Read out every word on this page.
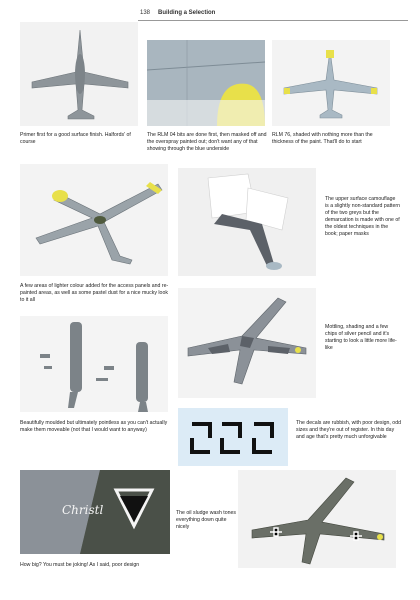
138 Building a Selection
Primer first for a good surface finish. Halfords' of course
The RLM 04 bits are done first, then masked off and the overspray painted out; don't want any of that showing through the blue underside
RLM 76, shaded with nothing more than the thickness of the paint. That'll do to start
The upper surface camouflage is a slightly non-standard pattern of the two greys but the demarcation is made with one of the oldest techniques in the book; paper masks
A few areas of lighter colour added for the access panels and re-painted areas, as well as some pastel dust for a nice mucky look to it all
Mottling, shading and a few chips of silver pencil and it's starting to look a little more life-like
Beautifully moulded but ultimately pointless as you can't actually make them moveable (not that I would want to anyway)
The decals are rubbish, with poor design, odd sizes and they're out of register. In this day and age that's pretty much unforgivable
Christl	The oil sludge wash tones everything down quite nicely
How big? You must be joking! As I said, poor design
